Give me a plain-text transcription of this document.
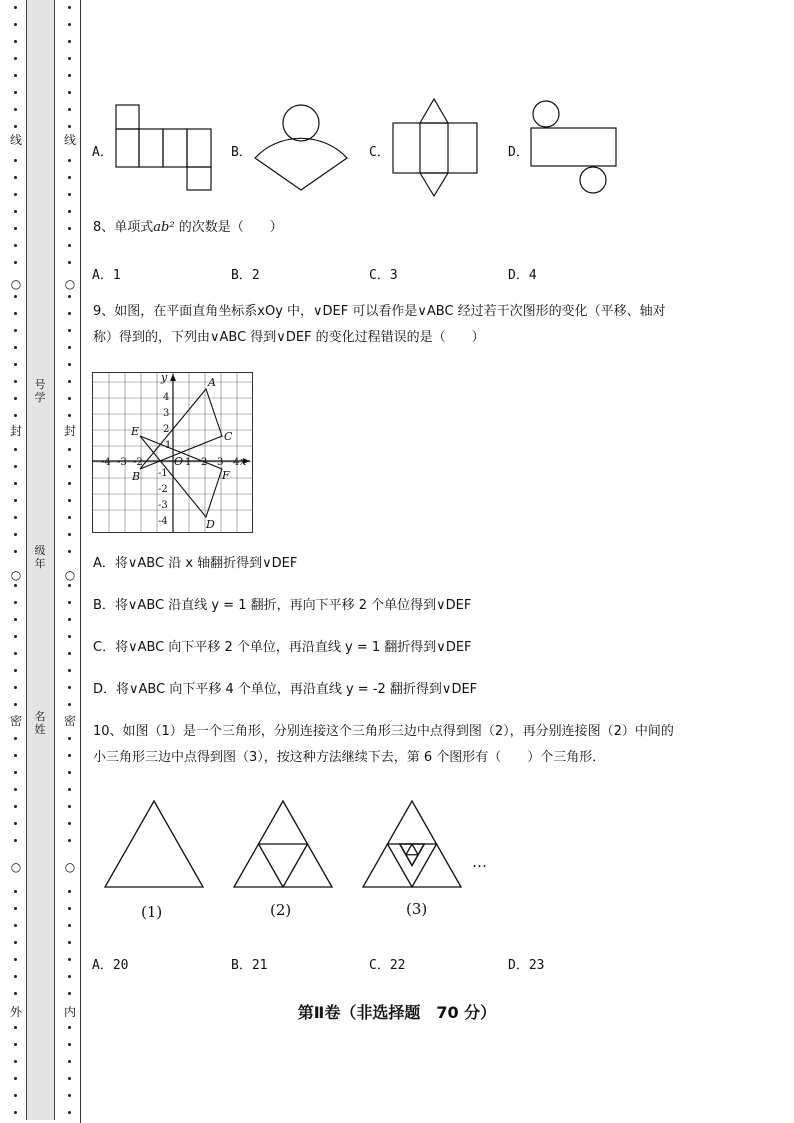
线
○
封
○
密
○
外
线
○
封
○
密
○
内
号学
级年
名姓
A．	B．	C．	D．
8、单项式ab² 的次数是（　　）
A．1	B．2	C．3	D．4
9、如图，在平面直角坐标系xOy 中，∨DEF 可以看作是∨ABC 经过若干次图形的变化（平移、轴对
称）得到的，下列由∨ABC 得到∨DEF 的变化过程错误的是（　　）
A
B
C
D
E
F
x
y
O
-4 -3 -2	1 2 3 4
4
3
2
1
-1
-2
-3
-4
A．将∨ABC 沿 x 轴翻折得到∨DEF
B．将∨ABC 沿直线 y = 1 翻折，再向下平移 2 个单位得到∨DEF
C．将∨ABC 向下平移 2 个单位，再沿直线 y = 1 翻折得到∨DEF
D．将∨ABC 向下平移 4 个单位，再沿直线 y = -2 翻折得到∨DEF
10、如图（1）是一个三角形，分别连接这个三角形三边中点得到图（2），再分别连接图（2）中间的
小三角形三边中点得到图（3），按这种方法继续下去，第 6 个图形有（　　）个三角形．
(1)	(2)	(3)
…
A．20	B．21	C．22	D．23
第Ⅱ卷（非选择题　70 分）
